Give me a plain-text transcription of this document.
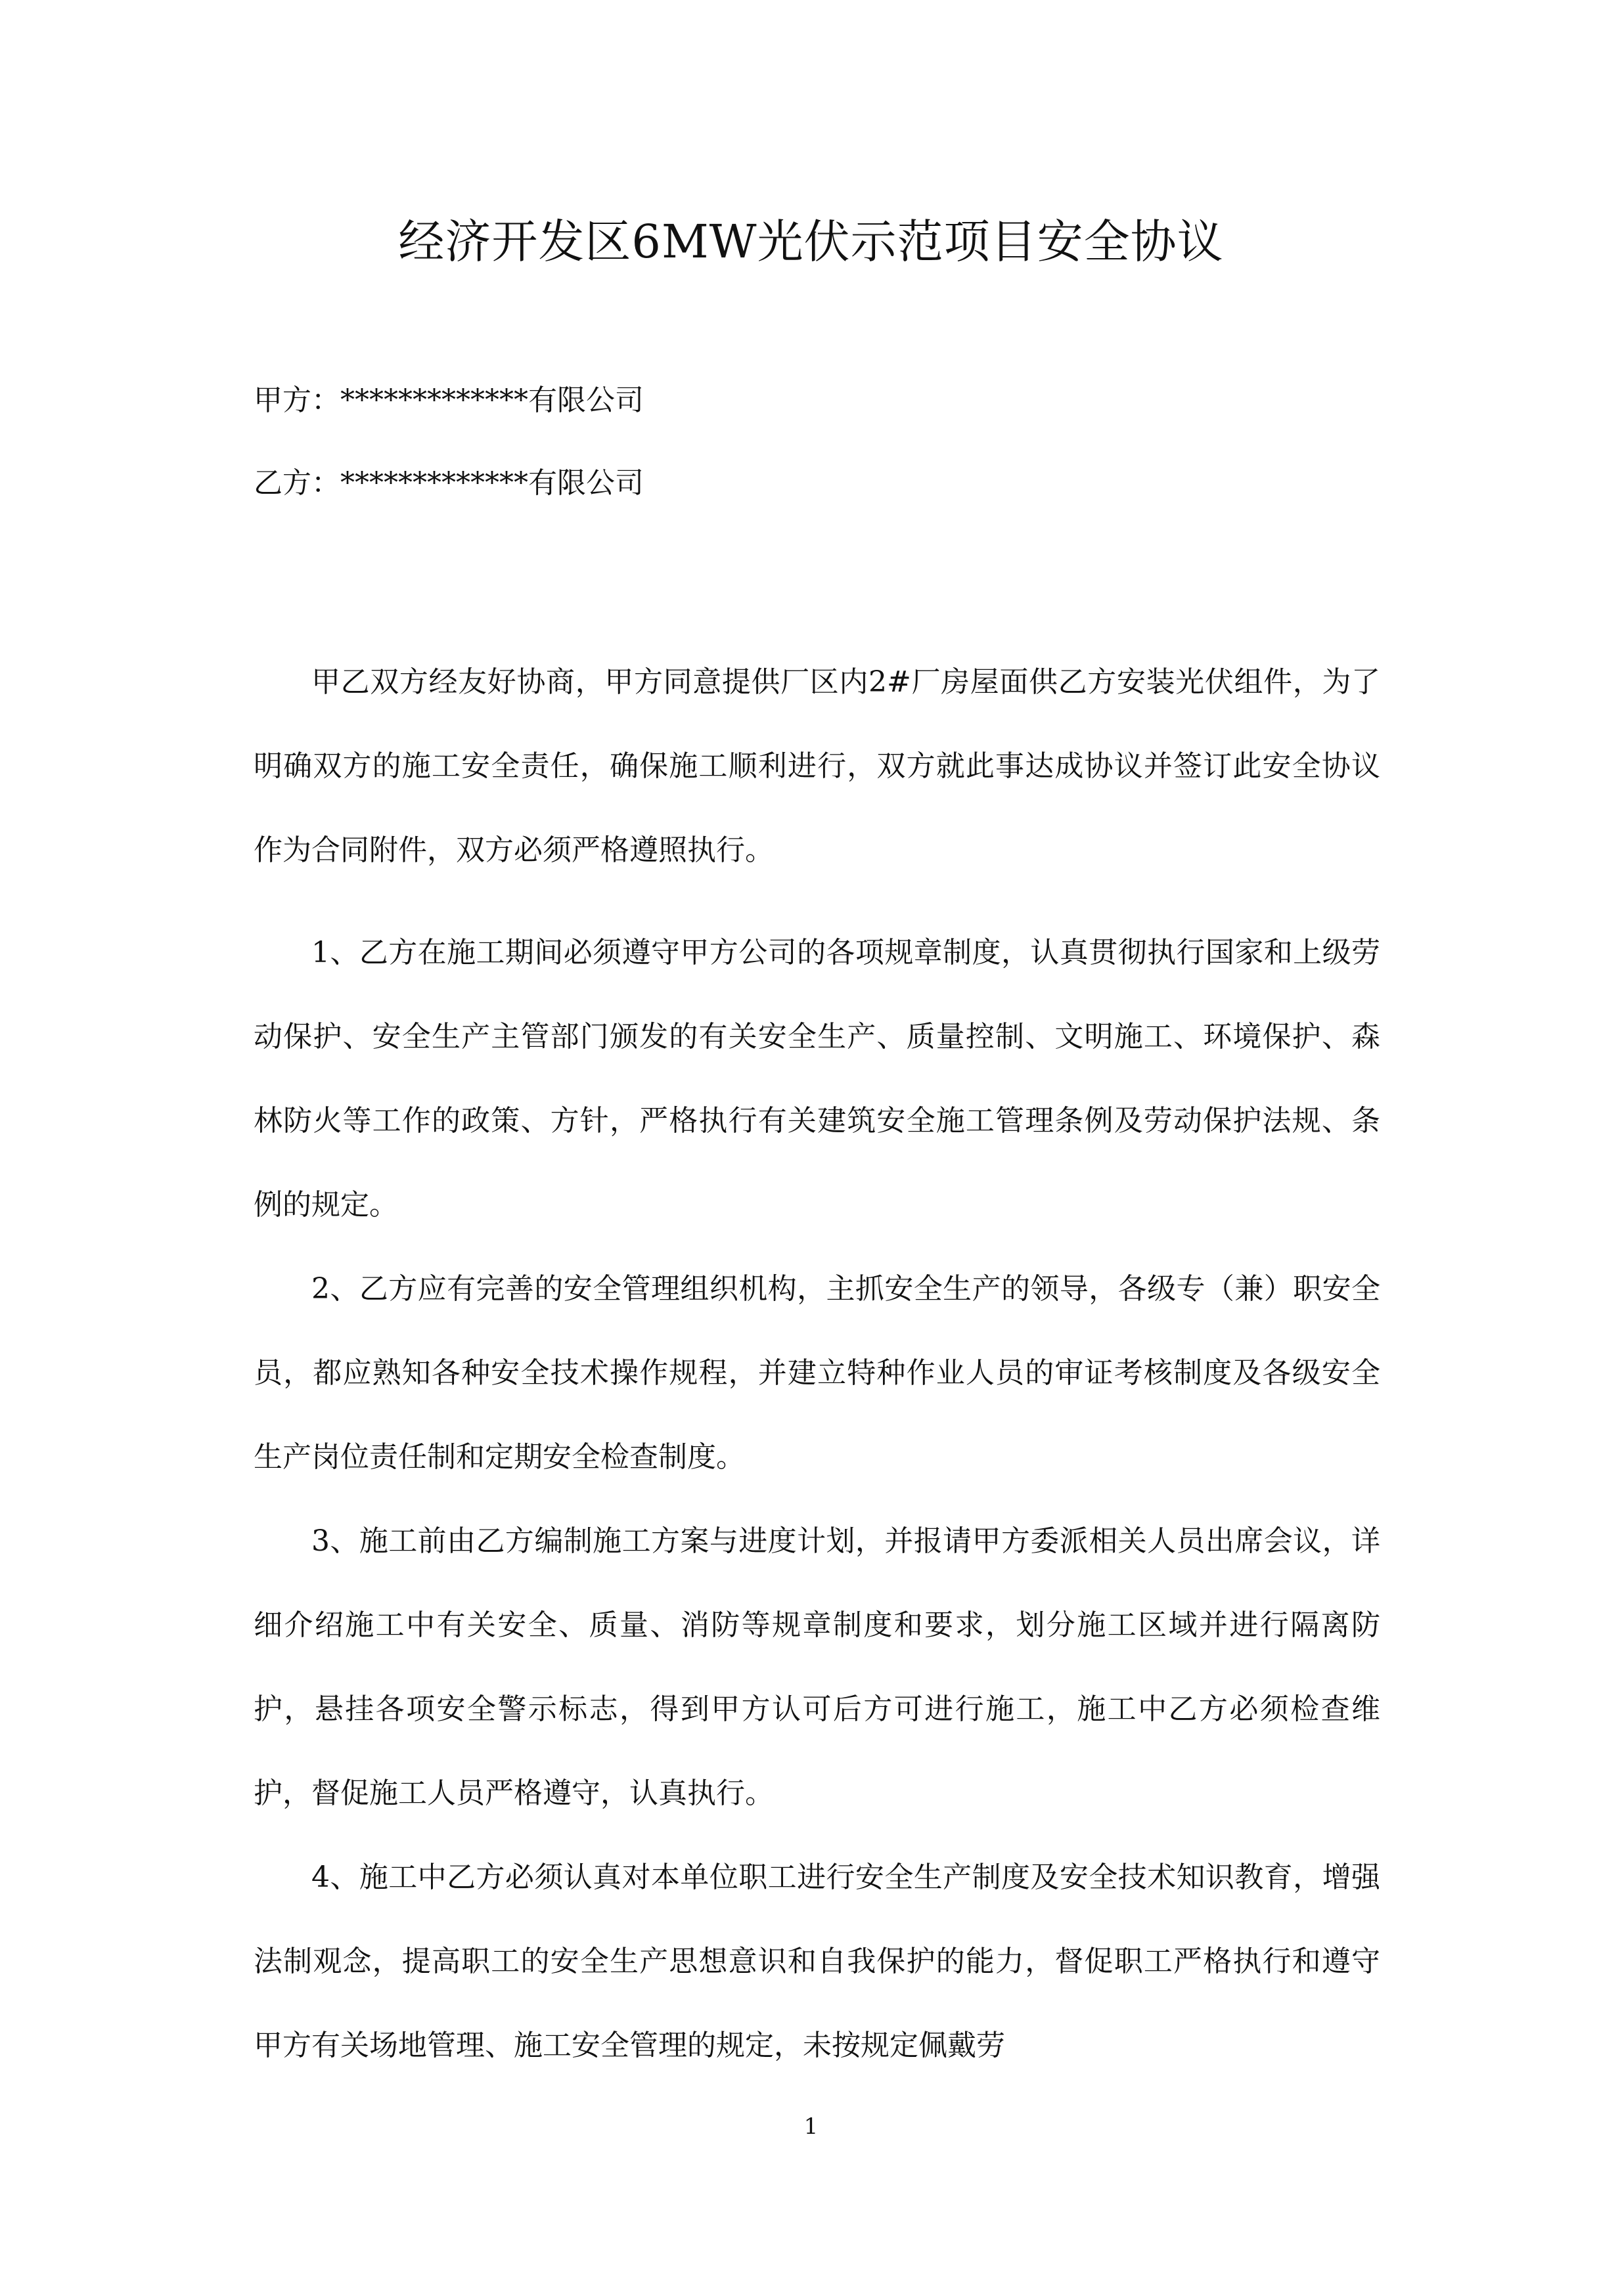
经济开发区6MW光伏示范项目安全协议

甲方：*************有限公司

乙方：*************有限公司

甲乙双方经友好协商，甲方同意提供厂区内2#厂房屋面供乙方安装光伏组件，为了明确双方的施工安全责任，确保施工顺利进行，双方就此事达成协议并签订此安全协议作为合同附件，双方必须严格遵照执行。

1、乙方在施工期间必须遵守甲方公司的各项规章制度，认真贯彻执行国家和上级劳动保护、安全生产主管部门颁发的有关安全生产、质量控制、文明施工、环境保护、森林防火等工作的政策、方针，严格执行有关建筑安全施工管理条例及劳动保护法规、条例的规定。

2、乙方应有完善的安全管理组织机构，主抓安全生产的领导，各级专（兼）职安全员，都应熟知各种安全技术操作规程，并建立特种作业人员的审证考核制度及各级安全生产岗位责任制和定期安全检查制度。

3、施工前由乙方编制施工方案与进度计划，并报请甲方委派相关人员出席会议，详细介绍施工中有关安全、质量、消防等规章制度和要求，划分施工区域并进行隔离防护，悬挂各项安全警示标志，得到甲方认可后方可进行施工，施工中乙方必须检查维护，督促施工人员严格遵守，认真执行。

4、施工中乙方必须认真对本单位职工进行安全生产制度及安全技术知识教育，增强法制观念，提高职工的安全生产思想意识和自我保护的能力，督促职工严格执行和遵守甲方有关场地管理、施工安全管理的规定，未按规定佩戴劳

1
